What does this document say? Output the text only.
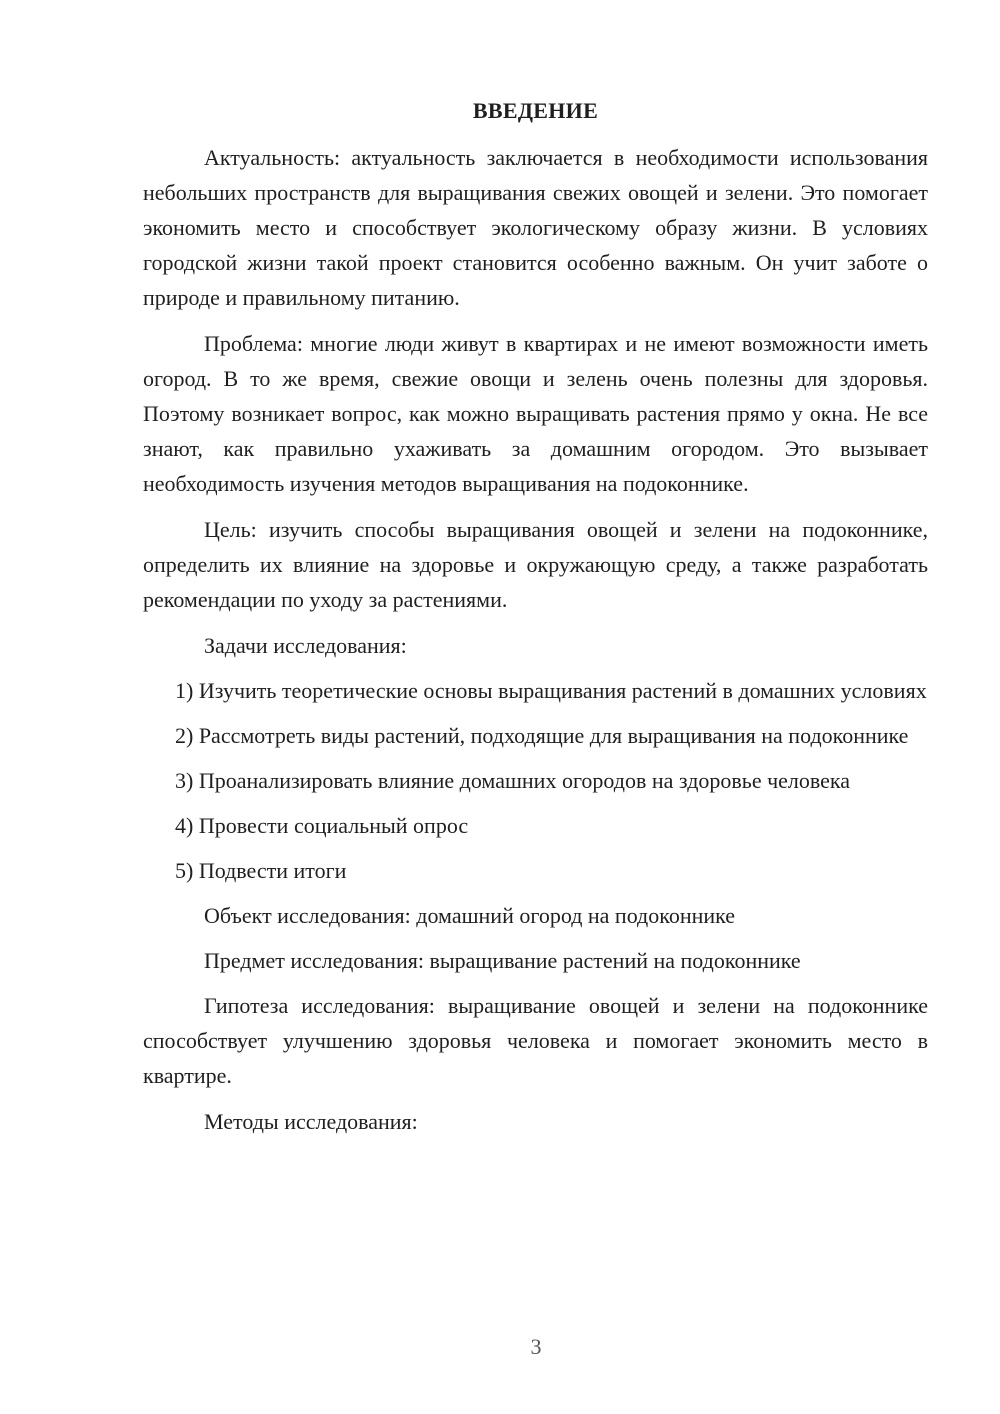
ВВЕДЕНИЕ

Актуальность: актуальность заключается в необходимости использования небольших пространств для выращивания свежих овощей и зелени. Это помогает экономить место и способствует экологическому образу жизни. В условиях городской жизни такой проект становится особенно важным. Он учит заботе о природе и правильному питанию.

Проблема: многие люди живут в квартирах и не имеют возможности иметь огород. В то же время, свежие овощи и зелень очень полезны для здоровья. Поэтому возникает вопрос, как можно выращивать растения прямо у окна. Не все знают, как правильно ухаживать за домашним огородом. Это вызывает необходимость изучения методов выращивания на подоконнике.

Цель: изучить способы выращивания овощей и зелени на подоконнике, определить их влияние на здоровье и окружающую среду, а также разработать рекомендации по уходу за растениями.

Задачи исследования:

1) Изучить теоретические основы выращивания растений в домашних условиях

2) Рассмотреть виды растений, подходящие для выращивания на подоконнике

3) Проанализировать влияние домашних огородов на здоровье человека

4) Провести социальный опрос

5) Подвести итоги

Объект исследования: домашний огород на подоконнике

Предмет исследования: выращивание растений на подоконнике

Гипотеза исследования: выращивание овощей и зелени на подоконнике способствует улучшению здоровья человека и помогает экономить место в квартире.

Методы исследования:

3
